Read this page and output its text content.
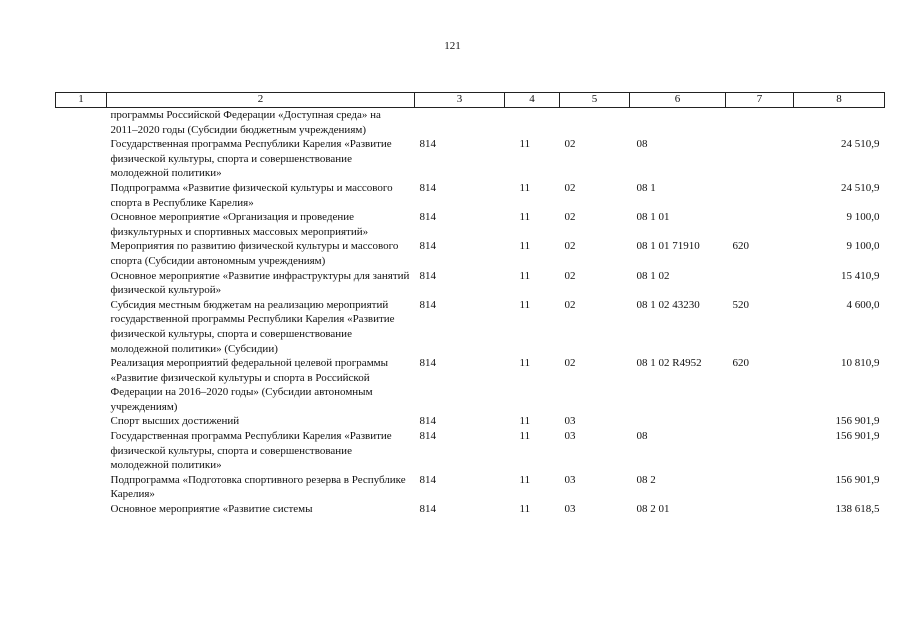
121
1	2	3	4	5	6	7	8
	программы Российской Федерации «Доступная среда» на 2011–2020 годы (Субсидии бюджетным учреждениям)						
	Государственная программа Республики Карелия «Развитие физической культуры, спорта и совершенствование молодежной политики»	814	11	02	08		24 510,9
	Подпрограмма «Развитие физической культуры и массового спорта в Республике Карелия»	814	11	02	08 1		24 510,9
	Основное мероприятие «Организация и проведение физкультурных и спортивных массовых мероприятий»	814	11	02	08 1 01		9 100,0
	Мероприятия по развитию физической культуры и массового спорта (Субсидии автономным учреждениям)	814	11	02	08 1 01 71910	620	9 100,0
	Основное мероприятие «Развитие инфраструктуры для занятий физической культурой»	814	11	02	08 1 02		15 410,9
	Субсидия местным бюджетам на реализацию мероприятий государственной программы Республики Карелия «Развитие физической культуры, спорта и совершенствование молодежной политики» (Субсидии)	814	11	02	08 1 02 43230	520	4 600,0
	Реализация мероприятий федеральной целевой программы «Развитие физической культуры и спорта в Российской Федерации на 2016–2020 годы» (Субсидии автономным учреждениям)	814	11	02	08 1 02 R4952	620	10 810,9
	Спорт высших достижений	814	11	03			156 901,9
	Государственная программа Республики Карелия «Развитие физической культуры, спорта и совершенствование молодежной политики»	814	11	03	08		156 901,9
	Подпрограмма «Подготовка спортивного резерва в Республике Карелия»	814	11	03	08 2		156 901,9
	Основное мероприятие «Развитие системы	814	11	03	08 2 01		138 618,5
